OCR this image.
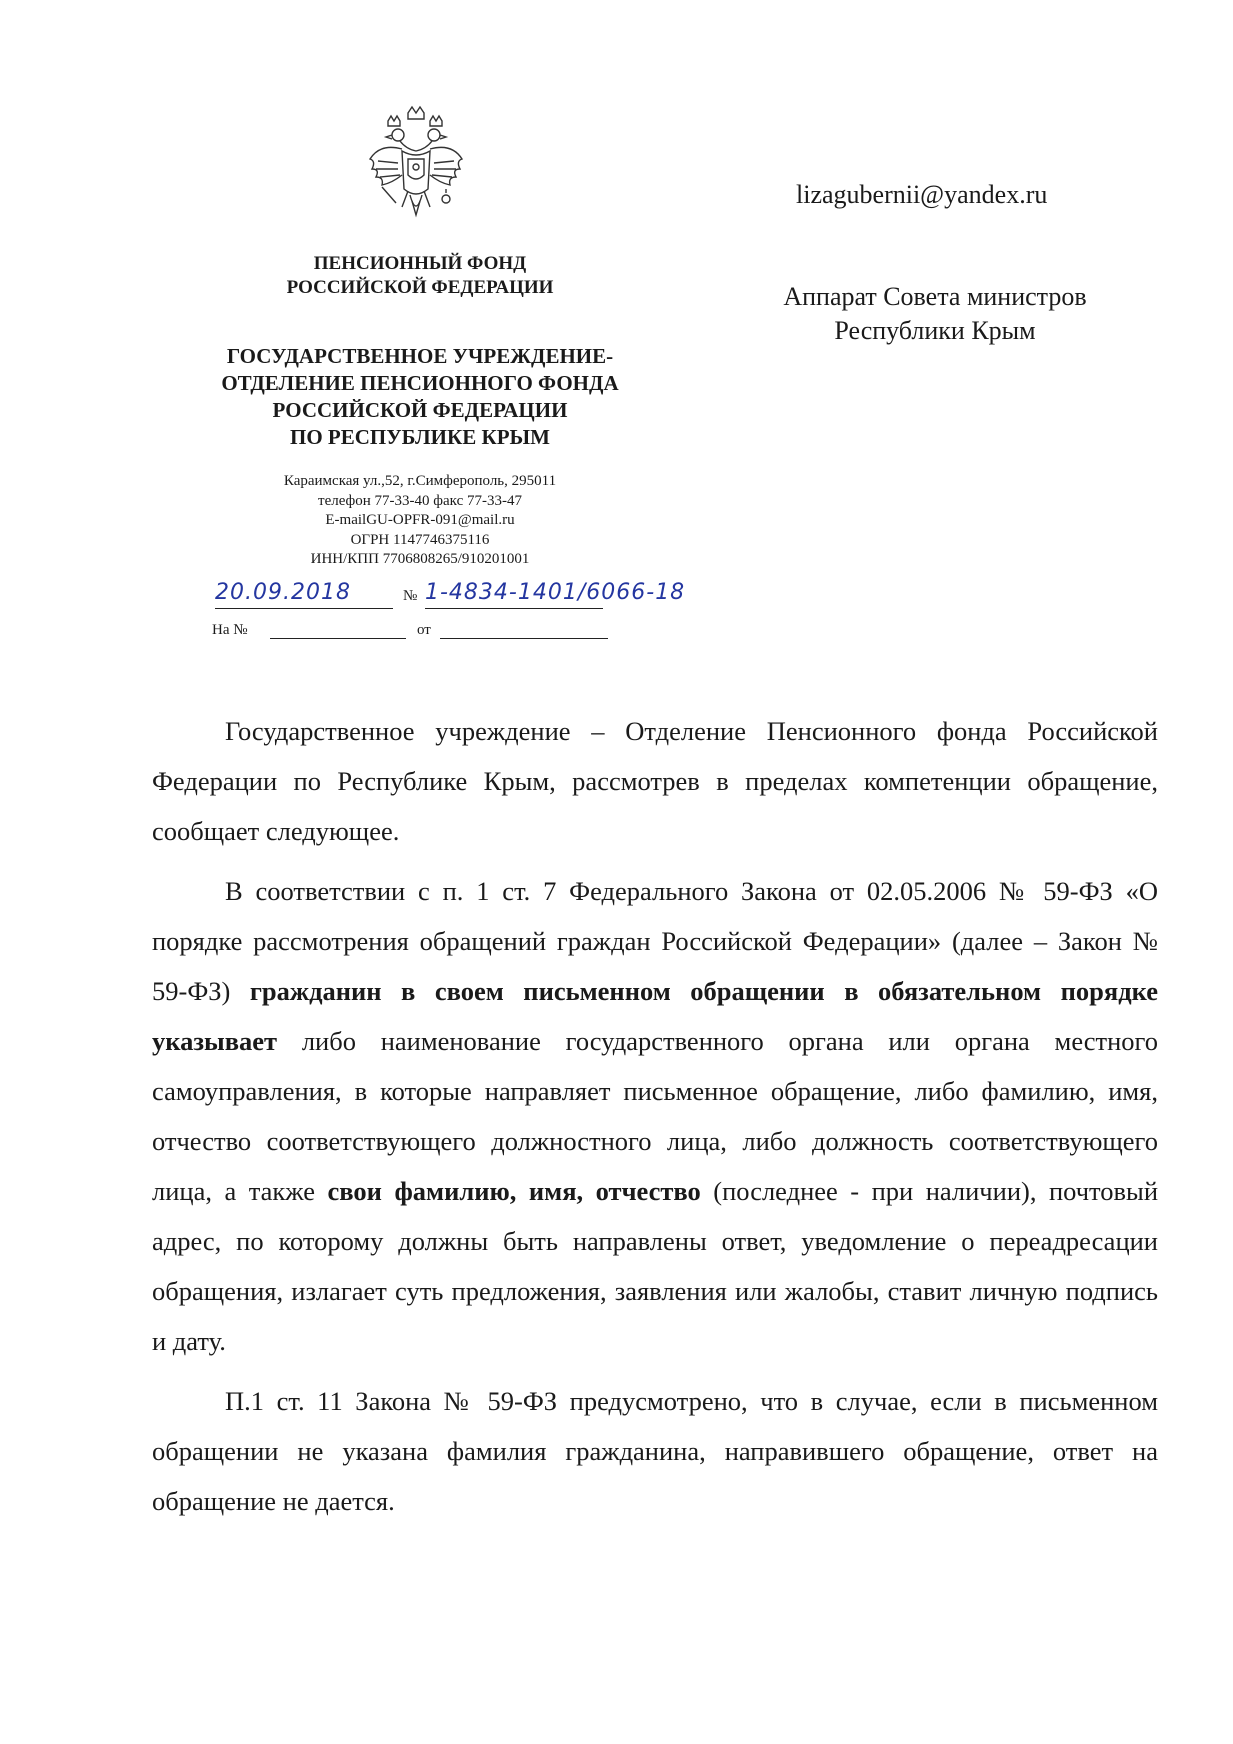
ПЕНСИОННЫЙ ФОНД
РОССИЙСКОЙ ФЕДЕРАЦИИ
ГОСУДАРСТВЕННОЕ УЧРЕЖДЕНИЕ-
ОТДЕЛЕНИЕ ПЕНСИОННОГО ФОНДА
РОССИЙСКОЙ ФЕДЕРАЦИИ
ПО РЕСПУБЛИКЕ КРЫМ
Караимская ул.,52, г.Симферополь, 295011
телефон 77-33-40 факс 77-33-47
E-mailGU-OPFR-091@mail.ru
ОГРН 1147746375116
ИНН/КПП 7706808265/910201001
20.09.2018	№ 1-4834-1401/6066-18
На №	от
lizagubernii@yandex.ru
Аппарат Совета министров
Республики Крым

Государственное учреждение – Отделение Пенсионного фонда Российской Федерации по Республике Крым, рассмотрев в пределах компетенции обращение, сообщает следующее.

В соответствии с п. 1 ст. 7 Федерального Закона от 02.05.2006 № 59-ФЗ «О порядке рассмотрения обращений граждан Российской Федерации» (далее – Закон № 59-ФЗ) гражданин в своем письменном обращении в обязательном порядке указывает либо наименование государственного органа или органа местного самоуправления, в которые направляет письменное обращение, либо фамилию, имя, отчество соответствующего должностного лица, либо должность соответствующего лица, а также свои фамилию, имя, отчество (последнее - при наличии), почтовый адрес, по которому должны быть направлены ответ, уведомление о переадресации обращения, излагает суть предложения, заявления или жалобы, ставит личную подпись и дату.

П.1 ст. 11 Закона № 59-ФЗ предусмотрено, что в случае, если в письменном обращении не указана фамилия гражданина, направившего обращение, ответ на обращение не дается.
